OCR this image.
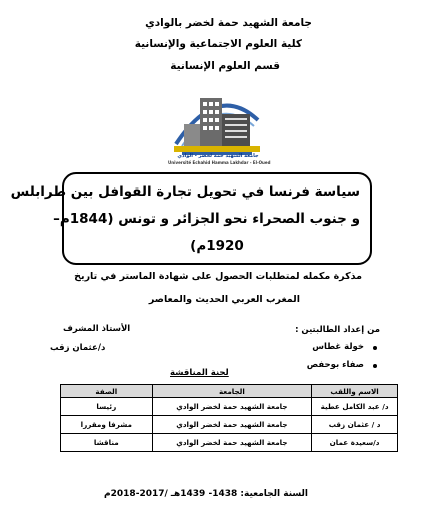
جامعة الشهيد حمة لخضر بالوادي
كلية العلوم الاجتماعية والإنسانية
قسم العلوم الإنسانية
جامعة الشهيد حمة لخضر - الوادي
Université Echahid Hamma Lakhdar - El-Oued
سياسة فرنسا في تحويل تجارة القوافل بين طرابلس
و جنوب الصحراء نحو الجزائر و تونس (1844م–
1920م)
مذكرة مكمله لمتطلبات الحصول على شهادة الماستر في تاريخ
المغرب العربي الحديث والمعاصر
من إعداد الطالبتين :
خولة غطاس
صفاء بوحفص
الأستاذ المشرف
د/عثمان زقب
لجنة المناقشة
الاسم واللقب	الجامعة	الصفة
د/ عبد الكامل عطية	جامعة الشهيد حمة لخضر الوادي	رئيسا
د / عثمان زقب	جامعة الشهيد حمة لخضر الوادي	مشرفا ومقررا
د/سعيدة عمان	جامعة الشهيد حمة لخضر الوادي	مناقشا
السنة الجامعية: 1438- 1439هـ /2017-2018م
